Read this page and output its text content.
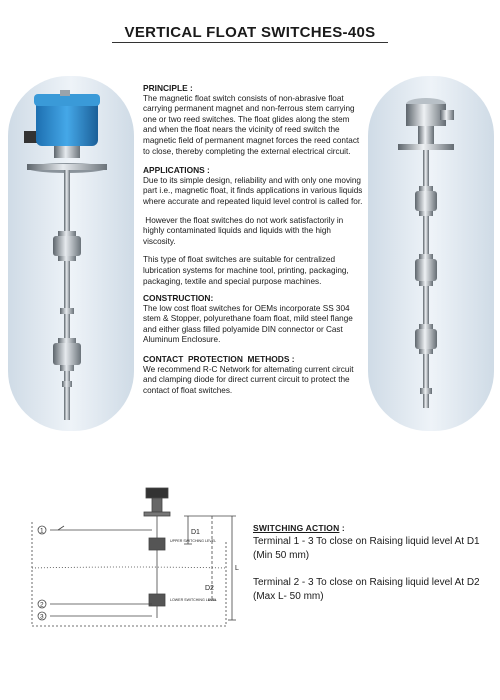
VERTICAL FLOAT SWITCHES-40S
PRINCIPLE :

The magnetic float switch consists of non-abrasive float carrying permanent magnet and non-ferrous stem carrying one or two reed switches. The float glides along the stem and when the float nears the vicinity of reed switch the magnetic field of permanent magnet forces the reed contact to close, thereby completing the external electrical circuit.

APPLICATIONS :

Due to its simple design, reliability and with only one moving part i.e., magnetic float, it finds applications in various liquids where accurate and repeated liquid level control is called for.

However the float switches do not work satisfactorily in highly contaminated liquids and liquids with the high viscosity.

This type of float switches are suitable for centralized lubrication systems for machine tool, printing, packaging, packaging, textile and special purpose machines.

CONSTRUCTION:

The low cost float switches for OEMs incorporate SS 304 stem & Stopper, polyurethane foam float, mild steel flange and either glass filled polyamide DIN connector or Cast Aluminum Enclosure.

CONTACT  PROTECTION  METHODS :

We recommend R-C Network for alternating current circuit and clamping diode for direct current circuit to protect the contact of float switches.

1
2
3
D1
D2
L
UPPER SWITCHING LEVEL
LOWER SWITCHING LEVEL
SWITCHING ACTION :

Terminal 1 - 3 To close on Raising liquid level At D1 (Min 50 mm)

Terminal 2 - 3 To close on Raising liquid level At D2 (Max L- 50 mm)
